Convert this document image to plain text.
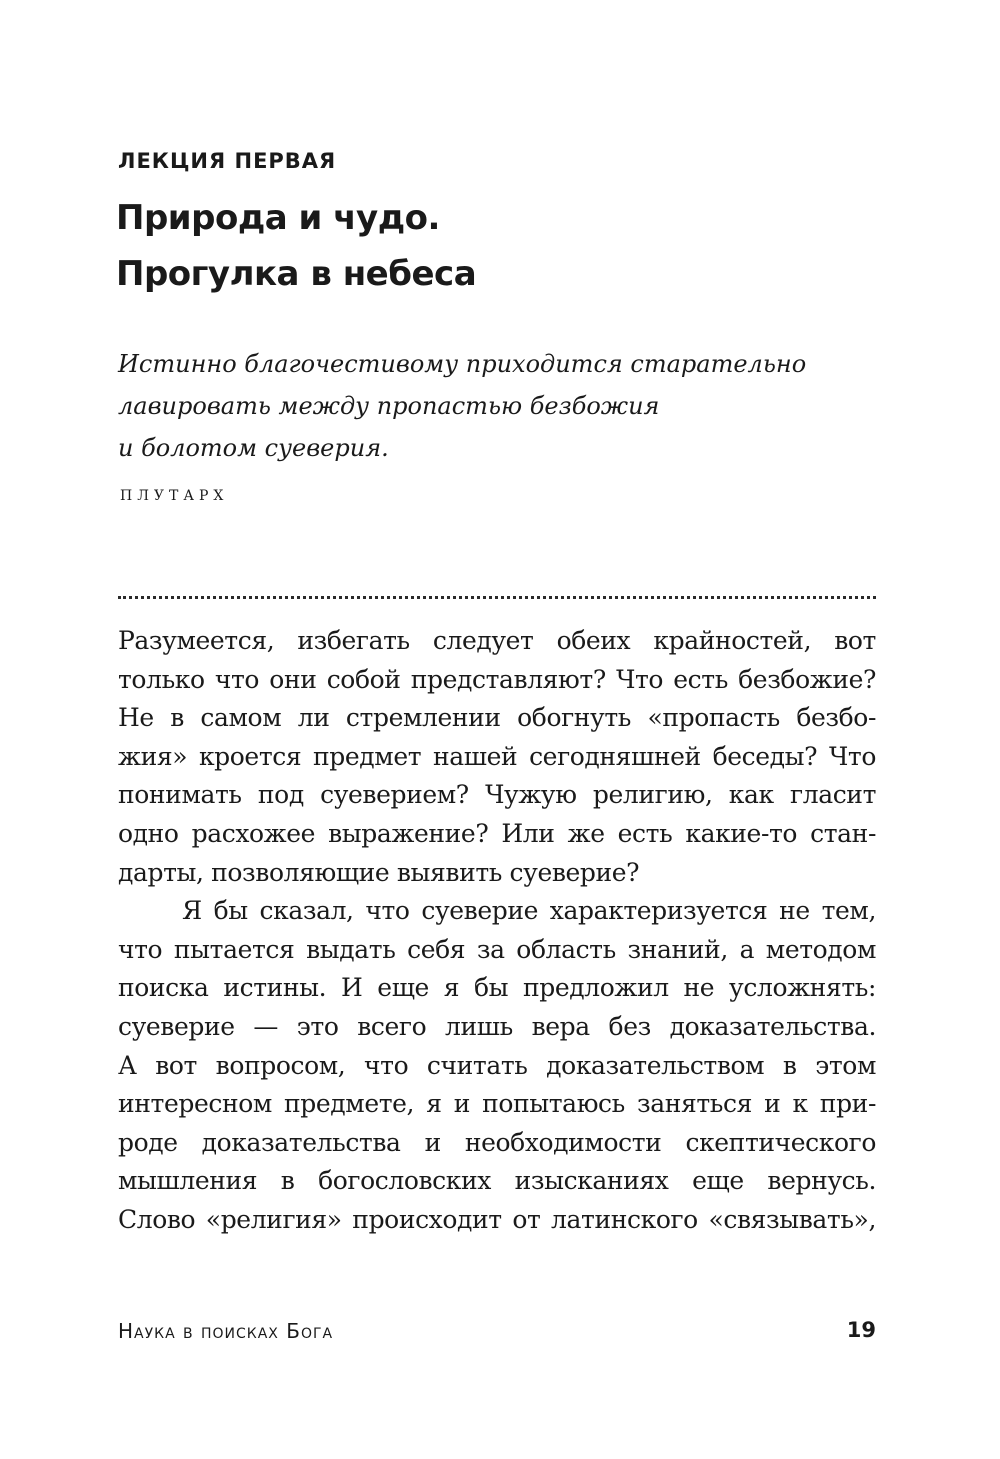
ЛЕКЦИЯ ПЕРВАЯ
Природа и чудо.
Прогулка в небеса
Истинно благочестивому приходится старательно
лавировать между пропастью безбожия
и болотом суеверия.
ПЛУТАРХ
Разумеется, избегать следует обеих крайностей, вот
только что они собой представляют? Что есть безбожие?
Не в самом ли стремлении обогнуть «пропасть безбо-
жия» кроется предмет нашей сегодняшней беседы? Что
понимать под суеверием? Чужую религию, как гласит
одно расхожее выражение? Или же есть какие-то стан-
дарты, позволяющие выявить суеверие?
Я бы сказал, что суеверие характеризуется не тем,
что пытается выдать себя за область знаний, а методом
поиска истины. И еще я бы предложил не усложнять:
суеверие — это всего лишь вера без доказательства.
А вот вопросом, что считать доказательством в этом
интересном предмете, я и попытаюсь заняться и к при-
роде доказательства и необходимости скептического
мышления в богословских изысканиях еще вернусь.
Слово «религия» происходит от латинского «связывать»,
Наука в поисках Бога	19
